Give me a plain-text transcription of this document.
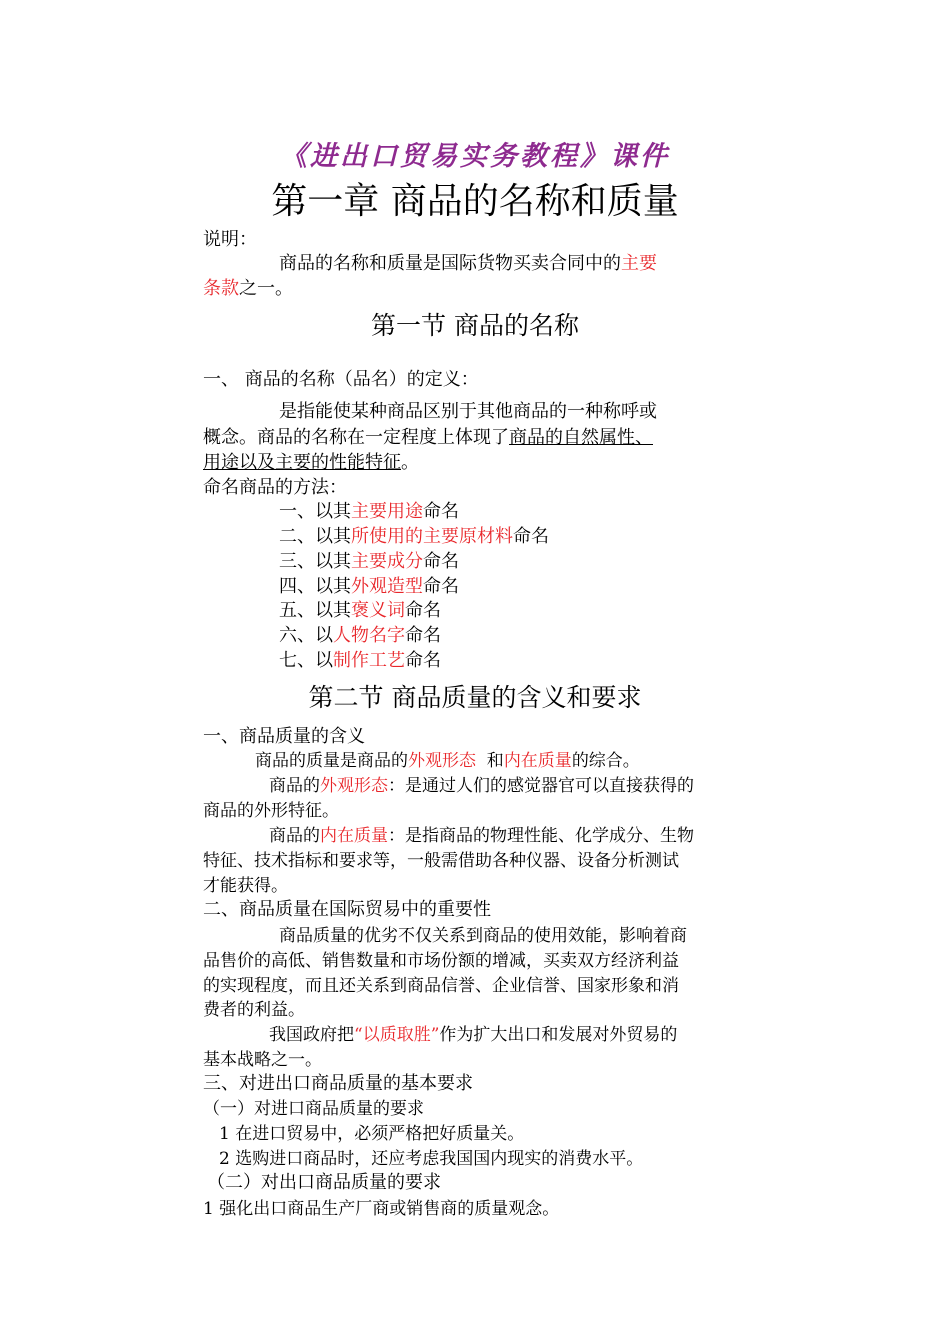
《进出口贸易实务教程》课件
第一章 商品的名称和质量
说明：
商品的名称和质量是国际货物买卖合同中的主要
条款之一。
第一节 商品的名称
一、 商品的名称（品名）的定义：
是指能使某种商品区别于其他商品的一种称呼或
概念。商品的名称在一定程度上体现了商品的自然属性、
用途以及主要的性能特征。
命名商品的方法：
一、以其主要用途命名
二、以其所使用的主要原材料命名
三、以其主要成分命名
四、以其外观造型命名
五、以其褒义词命名
六、以人物名字命名
七、以制作工艺命名
第二节 商品质量的含义和要求
一、商品质量的含义
商品的质量是商品的外观形态  和内在质量的综合。
商品的外观形态：是通过人们的感觉器官可以直接获得的
商品的外形特征。
商品的内在质量：是指商品的物理性能、化学成分、生物
特征、技术指标和要求等，一般需借助各种仪器、设备分析测试
才能获得。
二、商品质量在国际贸易中的重要性
商品质量的优劣不仅关系到商品的使用效能，影响着商
品售价的高低、销售数量和市场份额的增减，买卖双方经济利益
的实现程度，而且还关系到商品信誉、企业信誉、国家形象和消
费者的利益。
我国政府把“以质取胜”作为扩大出口和发展对外贸易的
基本战略之一。
三、对进出口商品质量的基本要求
（一）对进口商品质量的要求
1 在进口贸易中，必须严格把好质量关。
2 选购进口商品时，还应考虑我国国内现实的消费水平。
（二）对出口商品质量的要求
1 强化出口商品生产厂商或销售商的质量观念。
